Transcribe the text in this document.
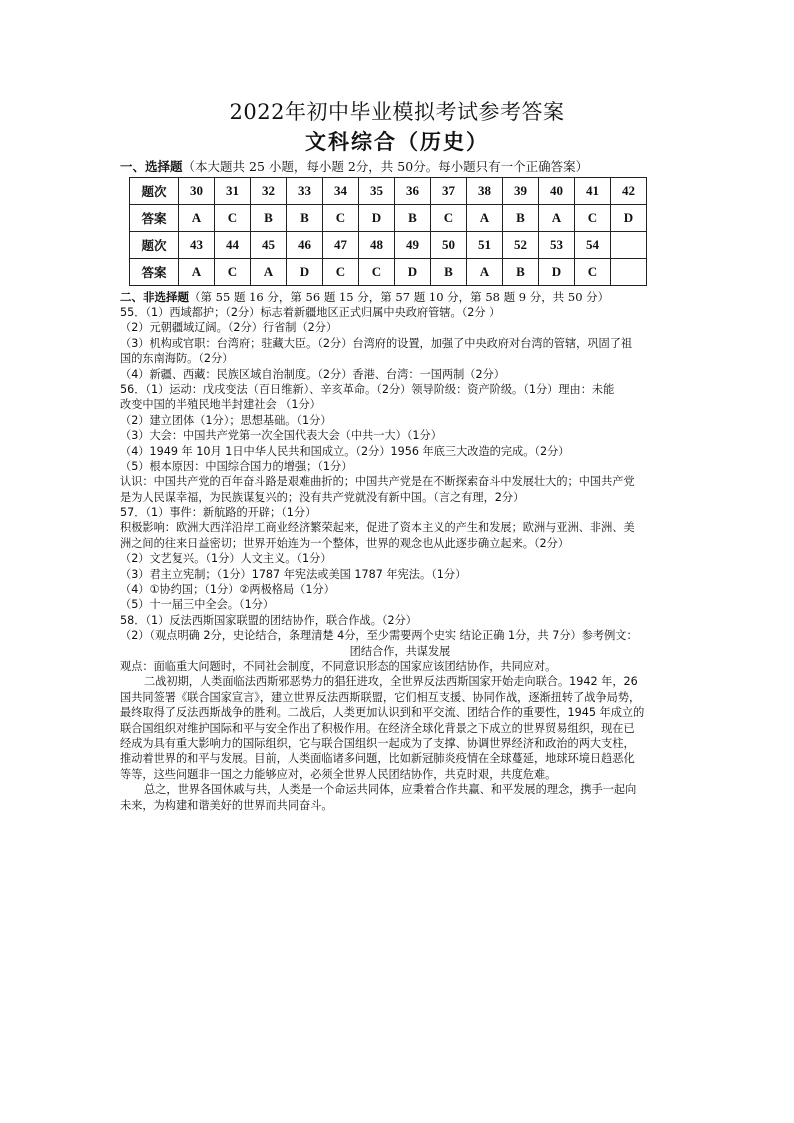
2022年初中毕业模拟考试参考答案
文科综合（历史）
一、选择题（本大题共 25 小题，每小题 2分，共 50分。每小题只有一个正确答案）
题次	30	31	32	33	34	35	36	37	38	39	40	41	42
答案	A	C	B	B	C	D	B	C	A	B	A	C	D
题次	43	44	45	46	47	48	49	50	51	52	53	54	
答案	A	C	A	D	C	C	D	B	A	B	D	C	
二、非选择题（第 55 题 16 分，第 56 题 15 分，第 57 题 10 分，第 58 题 9 分，共 50 分）
55．（1）西域都护；（2分）标志着新疆地区正式归属中央政府管辖。（2分 ）
（2）元朝疆域辽阔。（2分）行省制（2分）
（3）机构或官职：台湾府；驻藏大臣。（2分）台湾府的设置，加强了中央政府对台湾的管辖，巩固了祖
国的东南海防。（2分）
（4）新疆、西藏：民族区域自治制度。（2分）香港、台湾：一国两制（2分）
56．（1）运动：戊戌变法（百日维新）、辛亥革命。（2分）领导阶级：资产阶级。（1分）理由：未能
改变中国的半殖民地半封建社会 （1分）
（2）建立团体（1分）；思想基础。（1分）
（3）大会：中国共产党第一次全国代表大会（中共一大）（1分）
（4）1949 年 10月 1日中华人民共和国成立。（2分）1956 年底三大改造的完成。（2分）
（5）根本原因：中国综合国力的增强；（1分）
认识：中国共产党的百年奋斗路是艰难曲折的；中国共产党是在不断探索奋斗中发展壮大的；中国共产党
是为人民谋幸福，为民族谋复兴的；没有共产党就没有新中国。（言之有理，2分）
57．（1）事件：新航路的开辟；（1分）
积极影响：欧洲大西洋沿岸工商业经济繁荣起来，促进了资本主义的产生和发展；欧洲与亚洲、非洲、美
洲之间的往来日益密切；世界开始连为一个整体，世界的观念也从此逐步确立起来。（2分）
（2）文艺复兴。（1分）人文主义。（1分）
（3）君主立宪制；（1分）1787 年宪法或美国 1787 年宪法。（1分）
（4）①协约国；（1分）②两极格局（1分）
（5）十一届三中全会。（1分）
58．（1）反法西斯国家联盟的团结协作，联合作战。（2分）
（2）（观点明确 2分，史论结合，条理清楚 4分，至少需要两个史实 结论正确 1分，共 7分）参考例文：
团结合作，共谋发展
观点：面临重大问题时，不同社会制度，不同意识形态的国家应该团结协作，共同应对。
二战初期，人类面临法西斯邪恶势力的猖狂进攻，全世界反法西斯国家开始走向联合。1942 年，26
国共同签署《联合国家宣言》，建立世界反法西斯联盟，它们相互支援、协同作战，逐渐扭转了战争局势，
最终取得了反法西斯战争的胜利。二战后，人类更加认识到和平交流、团结合作的重要性，1945 年成立的
联合国组织对维护国际和平与安全作出了积极作用。在经济全球化背景之下成立的世界贸易组织，现在已
经成为具有重大影响力的国际组织，它与联合国组织一起成为了支撑、协调世界经济和政治的两大支柱，
推动着世界的和平与发展。目前，人类面临诸多问题，比如新冠肺炎疫情在全球蔓延，地球环境日趋恶化
等等，这些问题非一国之力能够应对，必须全世界人民团结协作，共克时艰，共度危难。
总之，世界各国休戚与共，人类是一个命运共同体，应秉着合作共赢、和平发展的理念，携手一起向
未来，为构建和谐美好的世界而共同奋斗。
